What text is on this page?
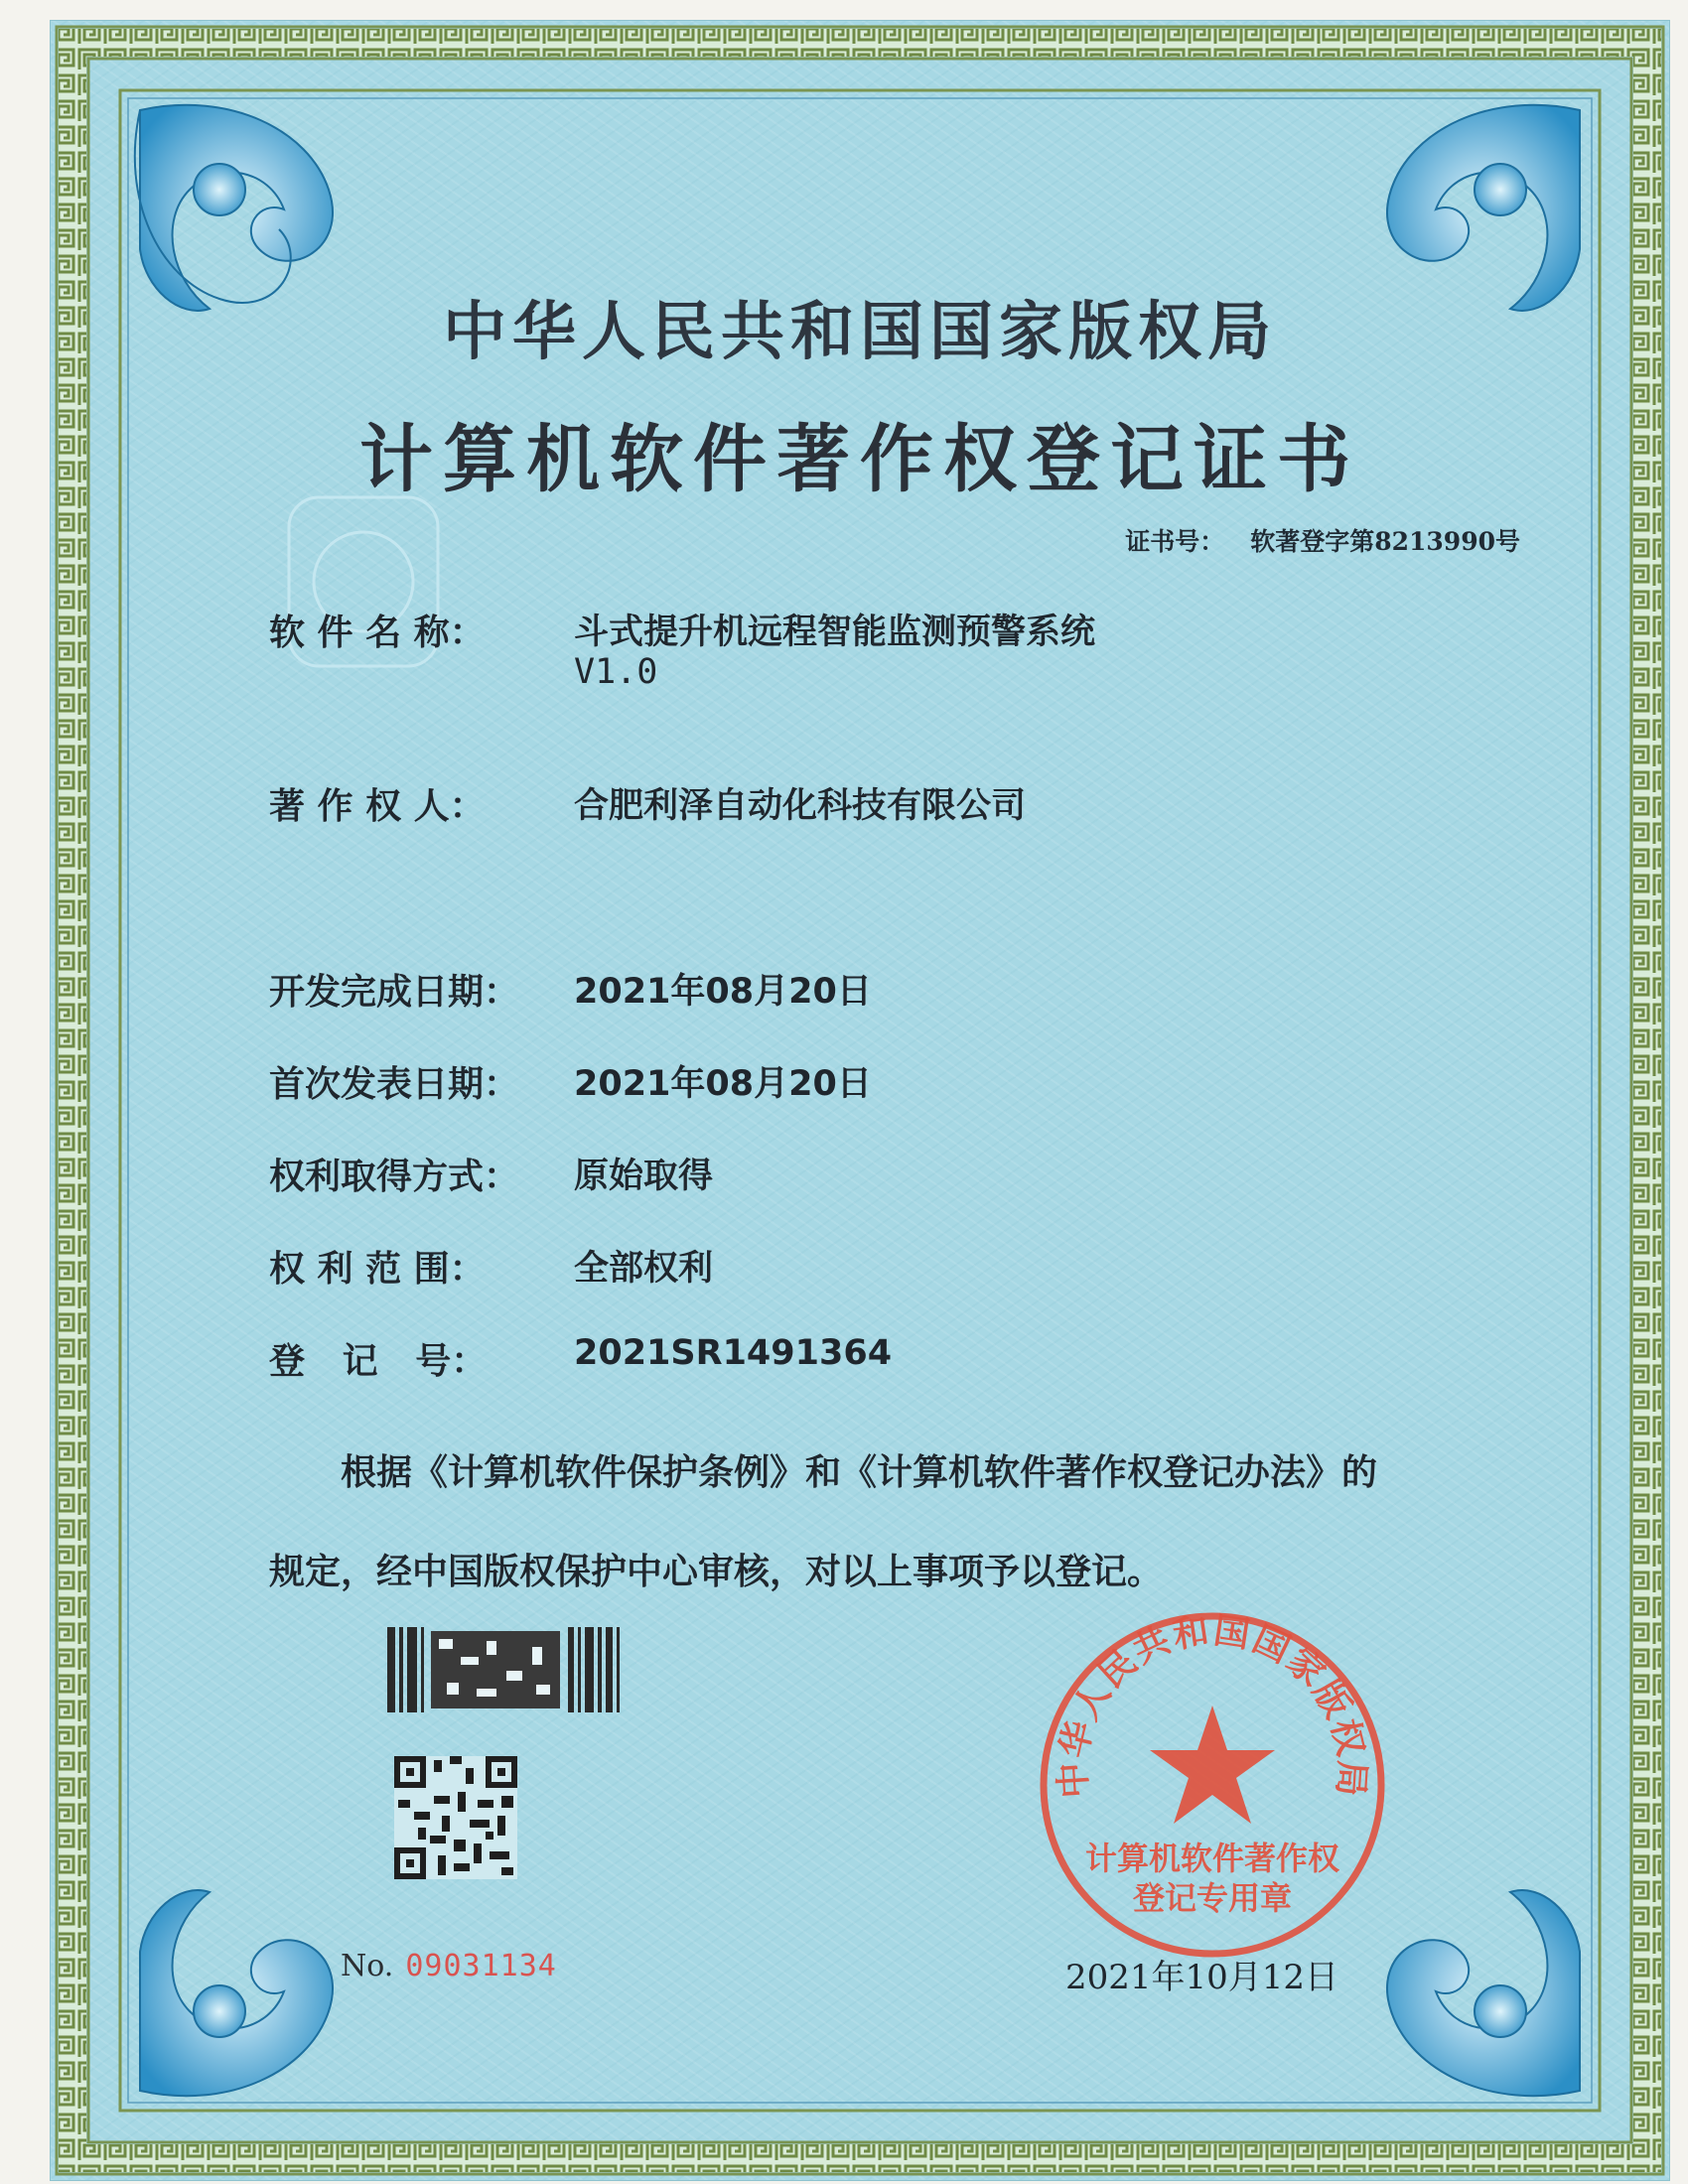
中华人民共和国国家版权局
计算机软件著作权登记证书
证书号： 软著登字第8213990号
软 件 名 称：	斗式提升机远程智能监测预警系统
V1.0
著 作 权 人：	合肥利泽自动化科技有限公司
开发完成日期： 2021年08月20日
首次发表日期： 2021年08月20日
权利取得方式： 原始取得
权 利 范 围：	全部权利
登   记   号：	2021SR1491364
根据《计算机软件保护条例》和《计算机软件著作权登记办法》的
规定，经中国版权保护中心审核，对以上事项予以登记。
中华人民共和国国家版权局
计算机软件著作权
登记专用章
No. 09031134	2021年10月12日
